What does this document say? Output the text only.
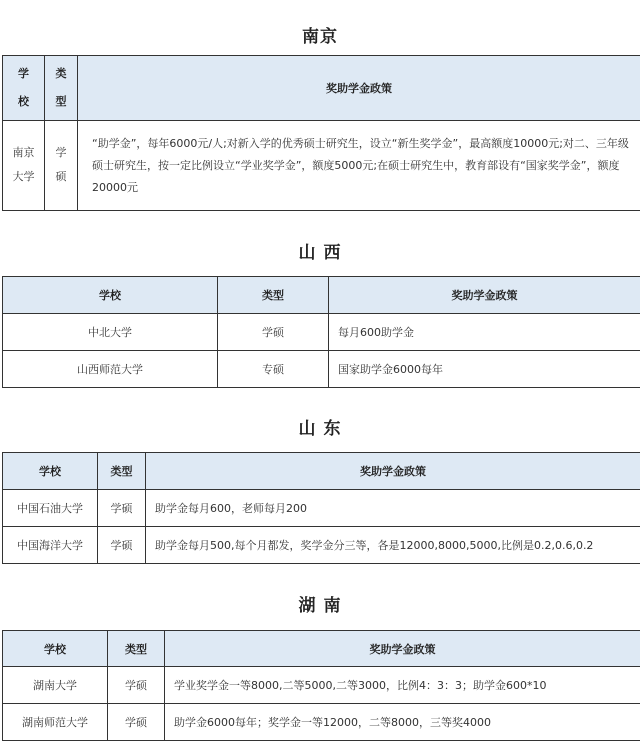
南京
学校	类型	奖助学金政策
南京大学	学硕	“助学金”，每年6000元/人;对新入学的优秀硕士研究生，设立“新生奖学金”，最高额度10000元;对二、三年级硕士研究生，按一定比例设立“学业奖学金”，额度5000元;在硕士研究生中，教育部设有“国家奖学金”，额度20000元
山 西
学校	类型	奖助学金政策
中北大学	学硕	每月600助学金
山西师范大学	专硕	国家助学金6000每年
山 东
学校	类型	奖助学金政策
中国石油大学	学硕	助学金每月600，老师每月200
中国海洋大学	学硕	助学金每月500,每个月都发，奖学金分三等，各是12000,8000,5000,比例是0.2,0.6,0.2
湖 南
学校	类型	奖助学金政策
湖南大学	学硕	学业奖学金一等8000,二等5000,二等3000，比例4：3：3；助学金600*10
湖南师范大学	学硕	助学金6000每年；奖学金一等12000，二等8000，三等奖4000
